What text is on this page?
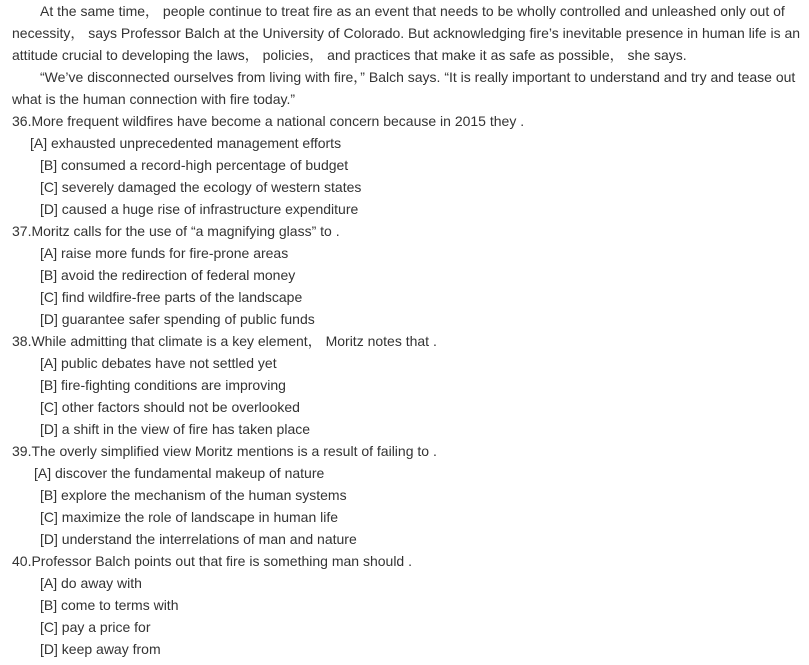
At the same time， people continue to treat fire as an event that needs to be wholly controlled and unleashed only out of necessity， says Professor Balch at the University of Colorado. But acknowledging fire’s inevitable presence in human life is an attitude crucial to developing the laws， policies， and practices that make it as safe as possible， she says.

“We’ve disconnected ourselves from living with fire，” Balch says. “It is really important to understand and try and tease out what is the human connection with fire today.”

36.More frequent wildfires have become a national concern because in 2015 they .

[A] exhausted unprecedented management efforts

[B] consumed a record-high percentage of budget

[C] severely damaged the ecology of western states

[D] caused a huge rise of infrastructure expenditure

37.Moritz calls for the use of “a magnifying glass” to .

[A] raise more funds for fire-prone areas

[B] avoid the redirection of federal money

[C] find wildfire-free parts of the landscape

[D] guarantee safer spending of public funds

38.While admitting that climate is a key element， Moritz notes that .

[A] public debates have not settled yet

[B] fire-fighting conditions are improving

[C] other factors should not be overlooked

[D] a shift in the view of fire has taken place

39.The overly simplified view Moritz mentions is a result of failing to .

[A] discover the fundamental makeup of nature

[B] explore the mechanism of the human systems

[C] maximize the role of landscape in human life

[D] understand the interrelations of man and nature

40.Professor Balch points out that fire is something man should .

[A] do away with

[B] come to terms with

[C] pay a price for

[D] keep away from
